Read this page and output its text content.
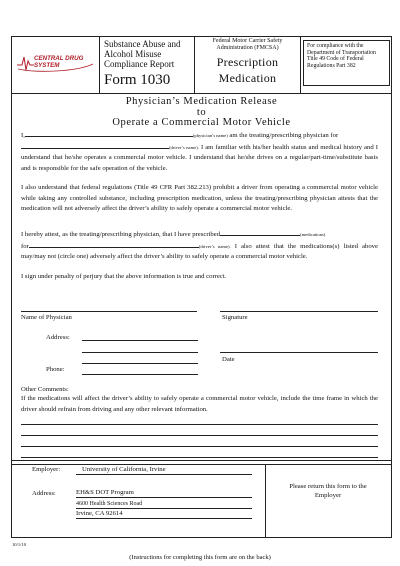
CENTRAL DRUG SYSTEM
Substance Abuse and Alcohol Misuse Compliance Report
Form 1030
Federal Motor Carrier Safety Administration (FMCSA)
Prescription
Medication
For compliance with the Department of Transportation Title 49 Code of Federal Regulations Part 382
Physician’s Medication Release
to
Operate a Commercial Motor Vehicle
I,	(physician’s name) am the treating/prescribing physician for
(driver’s name). I am familiar with his/her health status and medical history and I understand that he/she operates a commercial motor vehicle. I understand that he/she drives on a regular/part-time/substitute basis and is responsible for the safe operation of the vehicle.
I also understand that federal regulations (Title 49 CFR Part 382.213) prohibit a driver from operating a commercial motor vehicle while taking any controlled substance, including prescription medication, unless the treating/prescribing physician attests that the medication will not adversely affect the driver’s ability to safely operate a commercial motor vehicle.
I hereby attest, as the treating/prescribing physician, that I have prescribed	(medications)
for	(driver’s name). I also attest that the medications(s) listed above may/may not (circle one) adversely affect the driver’s ability to safely operate a commercial motor vehicle.
I sign under penalty of perjury that the above information is true and correct.
Name of Physician	Signature
Address:
Date
Phone:
Other Comments:
If the medications will affect the driver’s ability to safely operate a commercial motor vehicle, include the time frame in which the driver should refrain from driving and any other relevant information.
Employer:	University of California, Irvine
Address:	EH&S DOT Program
4600 Health Sciences Road
Irvine, CA 92614
Please return this form to the Employer
10/1/10
(Instructions for completing this form are on the back)
